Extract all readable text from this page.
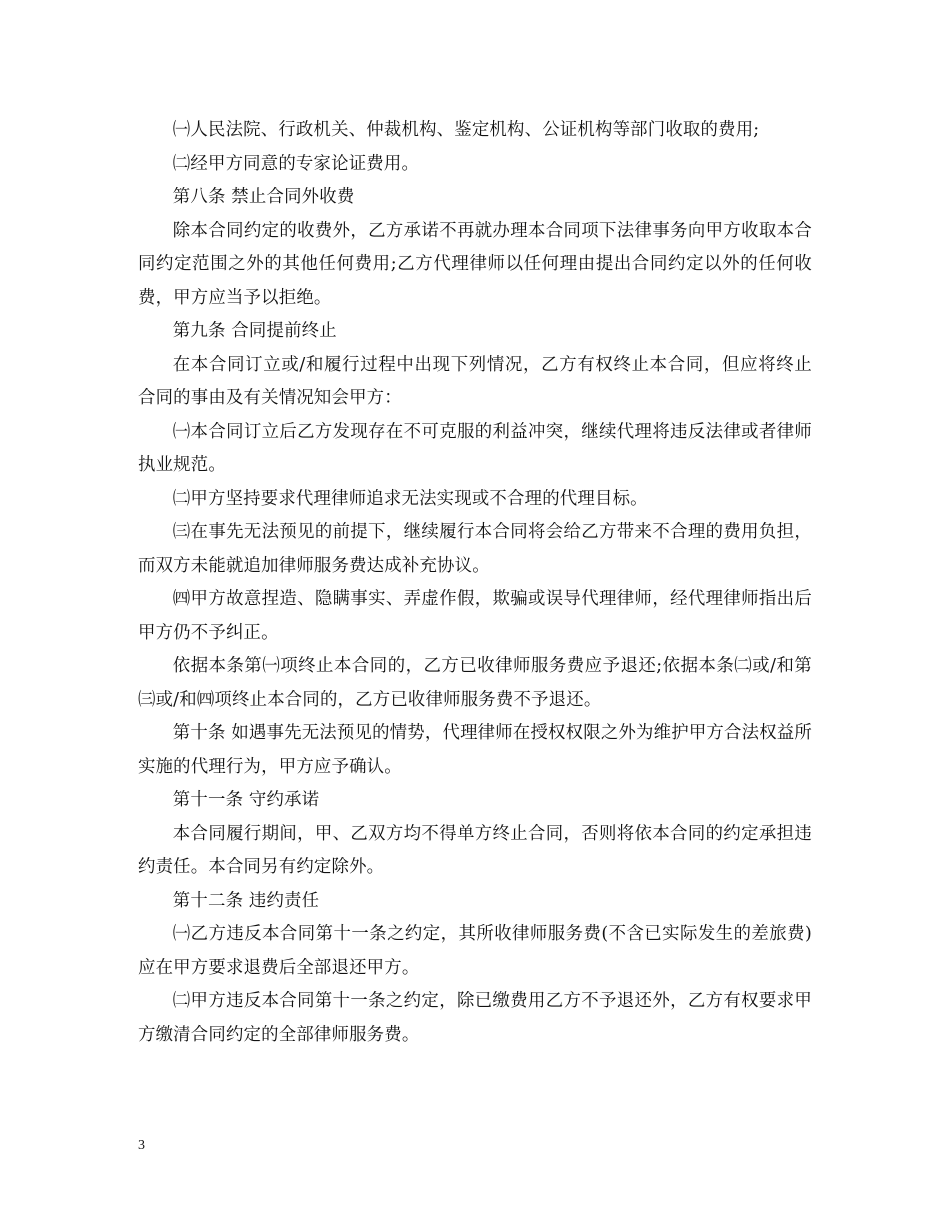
㈠人民法院、行政机关、仲裁机构、鉴定机构、公证机构等部门收取的费用;

㈡经甲方同意的专家论证费用。

第八条 禁止合同外收费

除本合同约定的收费外，乙方承诺不再就办理本合同项下法律事务向甲方收取本合同约定范围之外的其他任何费用;乙方代理律师以任何理由提出合同约定以外的任何收费，甲方应当予以拒绝。

第九条 合同提前终止

在本合同订立或/和履行过程中出现下列情况，乙方有权终止本合同，但应将终止合同的事由及有关情况知会甲方：

㈠本合同订立后乙方发现存在不可克服的利益冲突，继续代理将违反法律或者律师执业规范。

㈡甲方坚持要求代理律师追求无法实现或不合理的代理目标。

㈢在事先无法预见的前提下，继续履行本合同将会给乙方带来不合理的费用负担，而双方未能就追加律师服务费达成补充协议。

㈣甲方故意捏造、隐瞒事实、弄虚作假，欺骗或误导代理律师，经代理律师指出后甲方仍不予纠正。

依据本条第㈠项终止本合同的，乙方已收律师服务费应予退还;依据本条㈡或/和第㈢或/和㈣项终止本合同的，乙方已收律师服务费不予退还。

第十条 如遇事先无法预见的情势，代理律师在授权权限之外为维护甲方合法权益所实施的代理行为，甲方应予确认。

第十一条 守约承诺

本合同履行期间，甲、乙双方均不得单方终止合同，否则将依本合同的约定承担违约责任。本合同另有约定除外。

第十二条 违约责任

㈠乙方违反本合同第十一条之约定，其所收律师服务费(不含已实际发生的差旅费)应在甲方要求退费后全部退还甲方。

㈡甲方违反本合同第十一条之约定，除已缴费用乙方不予退还外，乙方有权要求甲方缴清合同约定的全部律师服务费。

3
